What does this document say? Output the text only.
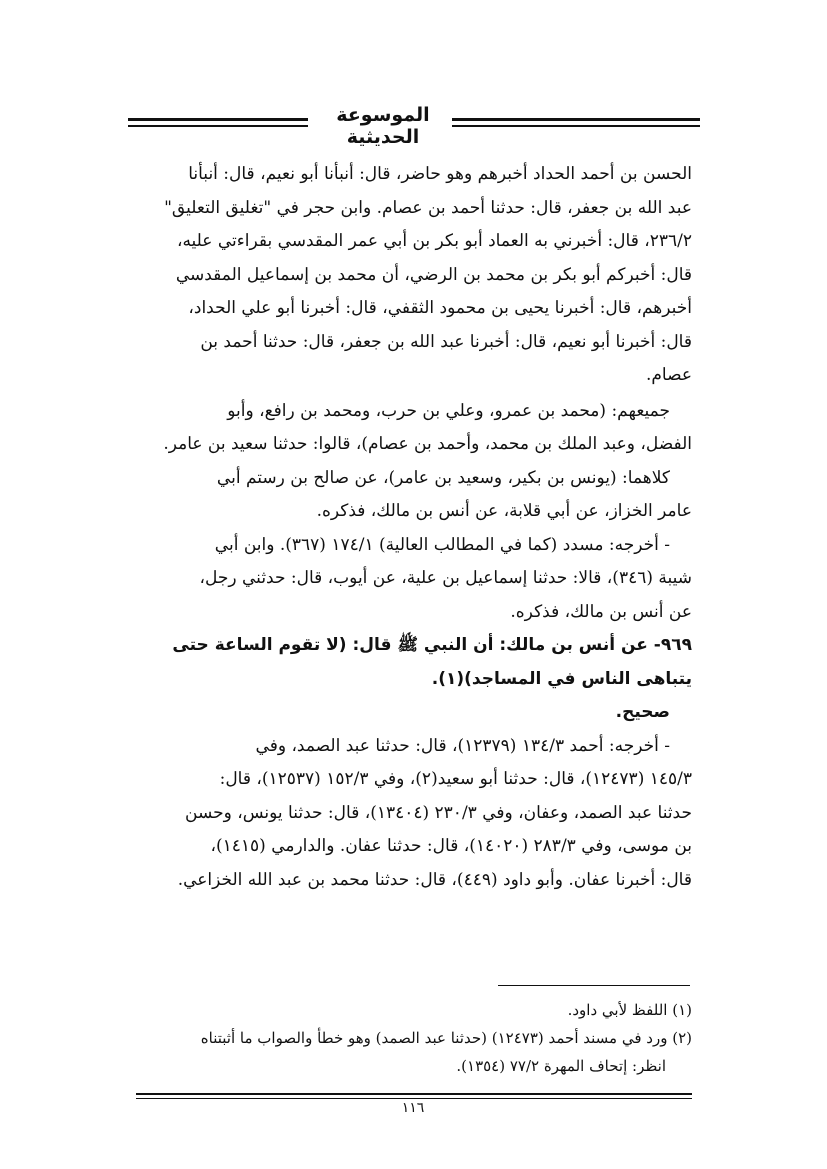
الموسوعة الحديثية
الحسن بن أحمد الحداد أخبرهم وهو حاضر، قال: أنبأنا أبو نعيم، قال: أنبأنا
عبد الله بن جعفر، قال: حدثنا أحمد بن عصام. وابن حجر في "تغليق التعليق"
٢٣٦/٢، قال: أخبرني به العماد أبو بكر بن أبي عمر المقدسي بقراءتي عليه،
قال: أخبركم أبو بكر بن محمد بن الرضي، أن محمد بن إسماعيل المقدسي
أخبرهم، قال: أخبرنا يحيى بن محمود الثقفي، قال: أخبرنا أبو علي الحداد،
قال: أخبرنا أبو نعيم، قال: أخبرنا عبد الله بن جعفر، قال: حدثنا أحمد بن
عصام.
جميعهم: (محمد بن عمرو، وعلي بن حرب، ومحمد بن رافع، وأبو
الفضل، وعبد الملك بن محمد، وأحمد بن عصام)، قالوا: حدثنا سعيد بن عامر.
كلاهما: (يونس بن بكير، وسعيد بن عامر)، عن صالح بن رستم أبي
عامر الخزاز، عن أبي قلابة، عن أنس بن مالك، فذكره.
- أخرجه: مسدد (كما في المطالب العالية) ١٧٤/١ (٣٦٧). وابن أبي
شيبة (٣٤٦)، قالا: حدثنا إسماعيل بن علية، عن أيوب، قال: حدثني رجل،
عن أنس بن مالك، فذكره.
٩٦٩- عن أنس بن مالك: أن النبي ﷺ قال: (لا تقوم الساعة حتى
يتباهى الناس في المساجد)(١).
صحيح.
- أخرجه: أحمد ١٣٤/٣ (١٢٣٧٩)، قال: حدثنا عبد الصمد، وفي
١٤٥/٣ (١٢٤٧٣)، قال: حدثنا أبو سعيد(٢)، وفي ١٥٢/٣ (١٢٥٣٧)، قال:
حدثنا عبد الصمد، وعفان، وفي ٢٣٠/٣ (١٣٤٠٤)، قال: حدثنا يونس، وحسن
بن موسى، وفي ٢٨٣/٣ (١٤٠٢٠)، قال: حدثنا عفان. والدارمي (١٤١٥)،
قال: أخبرنا عفان. وأبو داود (٤٤٩)، قال: حدثنا محمد بن عبد الله الخزاعي.
(١) اللفظ لأبي داود.
(٢) ورد في مسند أحمد (١٢٤٧٣) (حدثنا عبد الصمد) وهو خطأ والصواب ما أثبتناه
انظر: إتحاف المهرة ٧٧/٢ (١٣٥٤).
١١٦
